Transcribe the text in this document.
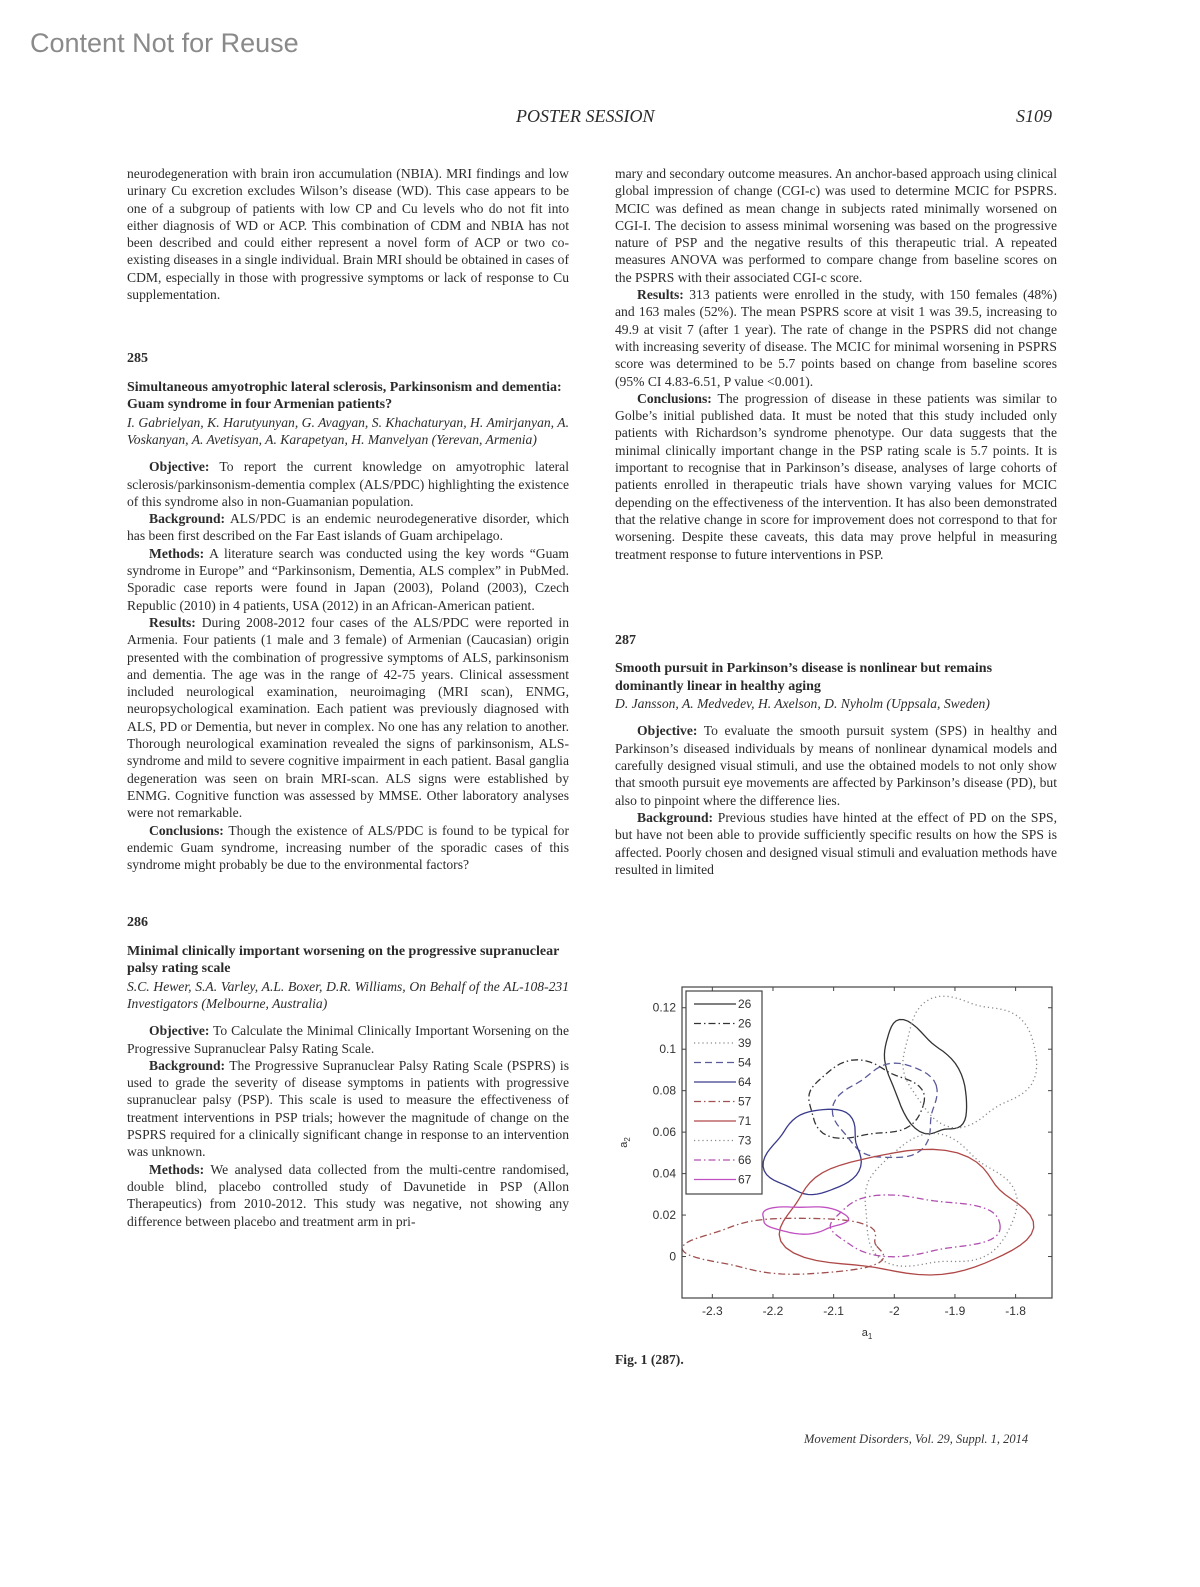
Content Not for Reuse
POSTER SESSION	S109

neurodegeneration with brain iron accumulation (NBIA). MRI findings and low urinary Cu excretion excludes Wilson’s disease (WD). This case appears to be one of a subgroup of patients with low CP and Cu levels who do not fit into either diagnosis of WD or ACP. This combination of CDM and NBIA has not been described and could either represent a novel form of ACP or two co-existing diseases in a single individual. Brain MRI should be obtained in cases of CDM, especially in those with progressive symptoms or lack of response to Cu supplementation.

285
Simultaneous amyotrophic lateral sclerosis, Parkinsonism and dementia: Guam syndrome in four Armenian patients?
I. Gabrielyan, K. Harutyunyan, G. Avagyan, S. Khachaturyan, H. Amirjanyan, A. Voskanyan, A. Avetisyan, A. Karapetyan, H. Manvelyan (Yerevan, Armenia)

Objective: To report the current knowledge on amyotrophic lateral sclerosis/parkinsonism-dementia complex (ALS/PDC) highlighting the existence of this syndrome also in non-Guamanian population.

Background: ALS/PDC is an endemic neurodegenerative disorder, which has been first described on the Far East islands of Guam archipelago.

Methods: A literature search was conducted using the key words “Guam syndrome in Europe” and “Parkinsonism, Dementia, ALS complex” in PubMed. Sporadic case reports were found in Japan (2003), Poland (2003), Czech Republic (2010) in 4 patients, USA (2012) in an African-American patient.

Results: During 2008-2012 four cases of the ALS/PDC were reported in Armenia. Four patients (1 male and 3 female) of Armenian (Caucasian) origin presented with the combination of progressive symptoms of ALS, parkinsonism and dementia. The age was in the range of 42-75 years. Clinical assessment included neurological examination, neuroimaging (MRI scan), ENMG, neuropsychological examination. Each patient was previously diagnosed with ALS, PD or Dementia, but never in complex. No one has any relation to another. Thorough neurological examination revealed the signs of parkinsonism, ALS-syndrome and mild to severe cognitive impairment in each patient. Basal ganglia degeneration was seen on brain MRI-scan. ALS signs were established by ENMG. Cognitive function was assessed by MMSE. Other laboratory analyses were not remarkable.

Conclusions: Though the existence of ALS/PDC is found to be typical for endemic Guam syndrome, increasing number of the sporadic cases of this syndrome might probably be due to the environmental factors?

286
Minimal clinically important worsening on the progressive supranuclear palsy rating scale
S.C. Hewer, S.A. Varley, A.L. Boxer, D.R. Williams, On Behalf of the AL-108-231 Investigators (Melbourne, Australia)

Objective: To Calculate the Minimal Clinically Important Worsening on the Progressive Supranuclear Palsy Rating Scale.

Background: The Progressive Supranuclear Palsy Rating Scale (PSPRS) is used to grade the severity of disease symptoms in patients with progressive supranuclear palsy (PSP). This scale is used to measure the effectiveness of treatment interventions in PSP trials; however the magnitude of change on the PSPRS required for a clinically significant change in response to an intervention was unknown.

Methods: We analysed data collected from the multi-centre randomised, double blind, placebo controlled study of Davunetide in PSP (Allon Therapeutics) from 2010-2012. This study was negative, not showing any difference between placebo and treatment arm in pri-

mary and secondary outcome measures. An anchor-based approach using clinical global impression of change (CGI-c) was used to determine MCIC for PSPRS. MCIC was defined as mean change in subjects rated minimally worsened on CGI-I. The decision to assess minimal worsening was based on the progressive nature of PSP and the negative results of this therapeutic trial. A repeated measures ANOVA was performed to compare change from baseline scores on the PSPRS with their associated CGI-c score.

Results: 313 patients were enrolled in the study, with 150 females (48%) and 163 males (52%). The mean PSPRS score at visit 1 was 39.5, increasing to 49.9 at visit 7 (after 1 year). The rate of change in the PSPRS did not change with increasing severity of disease. The MCIC for minimal worsening in PSPRS score was determined to be 5.7 points based on change from baseline scores (95% CI 4.83-6.51, P value <0.001).

Conclusions: The progression of disease in these patients was similar to Golbe’s initial published data. It must be noted that this study included only patients with Richardson’s syndrome phenotype. Our data suggests that the minimal clinically important change in the PSP rating scale is 5.7 points. It is important to recognise that in Parkinson’s disease, analyses of large cohorts of patients enrolled in therapeutic trials have shown varying values for MCIC depending on the effectiveness of the intervention. It has also been demonstrated that the relative change in score for improvement does not correspond to that for worsening. Despite these caveats, this data may prove helpful in measuring treatment response to future interventions in PSP.

287
Smooth pursuit in Parkinson’s disease is nonlinear but remains dominantly linear in healthy aging
D. Jansson, A. Medvedev, H. Axelson, D. Nyholm (Uppsala, Sweden)

Objective: To evaluate the smooth pursuit system (SPS) in healthy and Parkinson’s diseased individuals by means of nonlinear dynamical models and carefully designed visual stimuli, and use the obtained models to not only show that smooth pursuit eye movements are affected by Parkinson’s disease (PD), but also to pinpoint where the difference lies.

Background: Previous studies have hinted at the effect of PD on the SPS, but have not been able to provide sufficiently specific results on how the SPS is affected. Poorly chosen and designed visual stimuli and evaluation methods have resulted in limited

-2.3	-2.2	-2.1	-2	-1.9	-1.8
0
0.02
0.04
0.06
0.08
0.1
0.12
$a_1$
$a_2$
26
26
39
54
64
57
71
73
66
67
Fig. 1 (287).
Movement Disorders, Vol. 29, Suppl. 1, 2014
